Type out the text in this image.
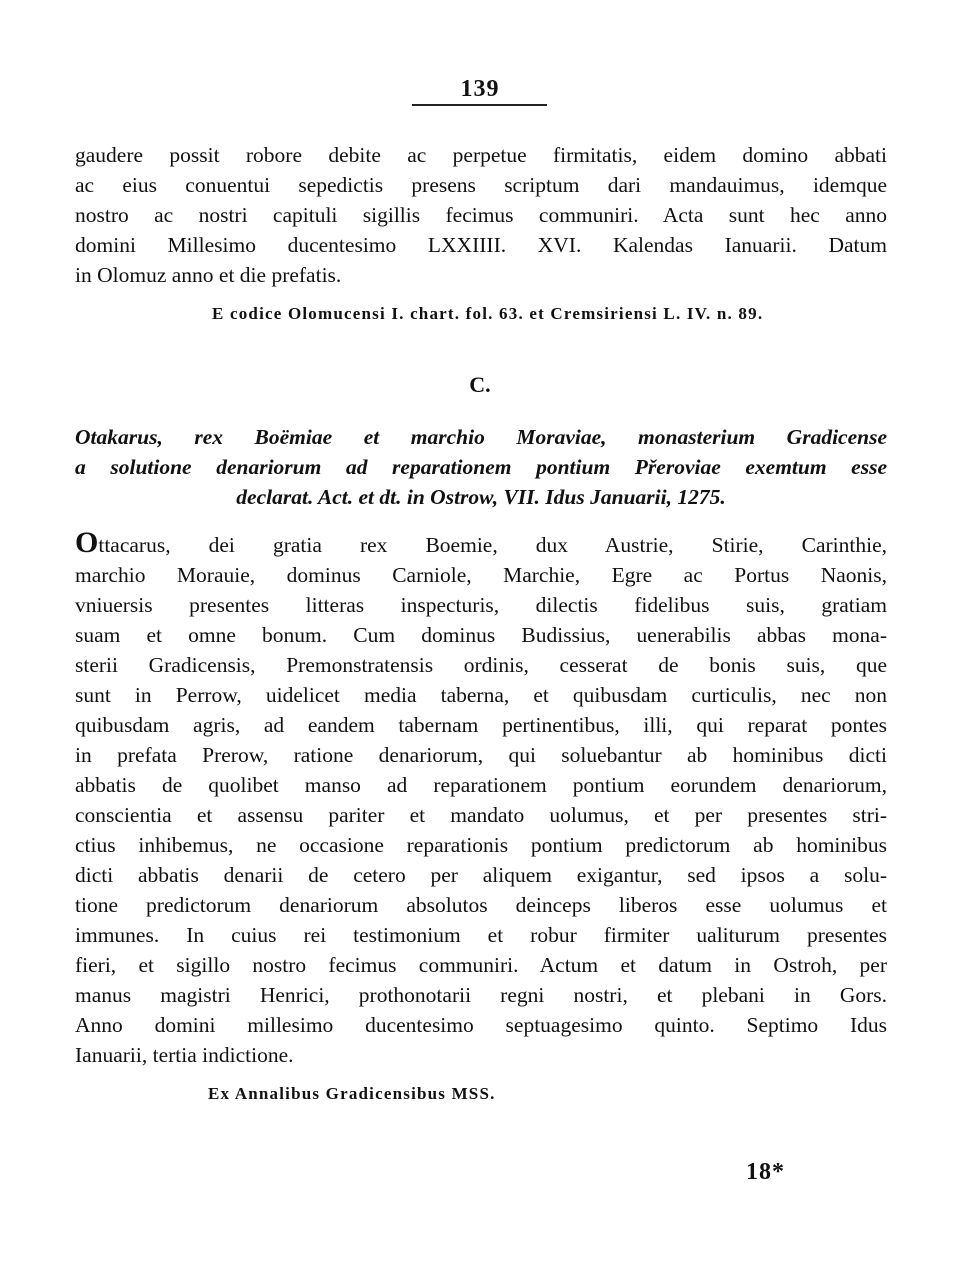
139
gaudere possit robore debite ac perpetue firmitatis, eidem domino abbati
ac eius conuentui sepedictis presens scriptum dari mandauimus, idemque
nostro ac nostri capituli sigillis fecimus communiri. Acta sunt hec anno
domini Millesimo ducentesimo LXXIIII. XVI. Kalendas Ianuarii. Datum
in Olomuz anno et die prefatis.
E codice Olomucensi I. chart. fol. 63. et Cremsiriensi L. IV. n. 89.
C.
Otakarus, rex Boëmiae et marchio Moraviae, monasterium Gradicense
a solutione denariorum ad reparationem pontium Přeroviae exemtum esse
declarat. Act. et dt. in Ostrow, VII. Idus Januarii, 1275.
Ottacarus, dei gratia rex Boemie, dux Austrie, Stirie, Carinthie,
marchio Morauie, dominus Carniole, Marchie, Egre ac Portus Naonis,
vniuersis presentes litteras inspecturis, dilectis fidelibus suis, gratiam
suam et omne bonum. Cum dominus Budissius, uenerabilis abbas mona-
sterii Gradicensis, Premonstratensis ordinis, cesserat de bonis suis, que
sunt in Perrow, uidelicet media taberna, et quibusdam curticulis, nec non
quibusdam agris, ad eandem tabernam pertinentibus, illi, qui reparat pontes
in prefata Prerow, ratione denariorum, qui soluebantur ab hominibus dicti
abbatis de quolibet manso ad reparationem pontium eorundem denariorum,
conscientia et assensu pariter et mandato uolumus, et per presentes stri-
ctius inhibemus, ne occasione reparationis pontium predictorum ab hominibus
dicti abbatis denarii de cetero per aliquem exigantur, sed ipsos a solu-
tione predictorum denariorum absolutos deinceps liberos esse uolumus et
immunes. In cuius rei testimonium et robur firmiter ualiturum presentes
fieri, et sigillo nostro fecimus communiri. Actum et datum in Ostroh, per
manus magistri Henrici, prothonotarii regni nostri, et plebani in Gors.
Anno domini millesimo ducentesimo septuagesimo quinto. Septimo Idus
Ianuarii, tertia indictione.
Ex Annalibus Gradicensibus MSS.
18*
